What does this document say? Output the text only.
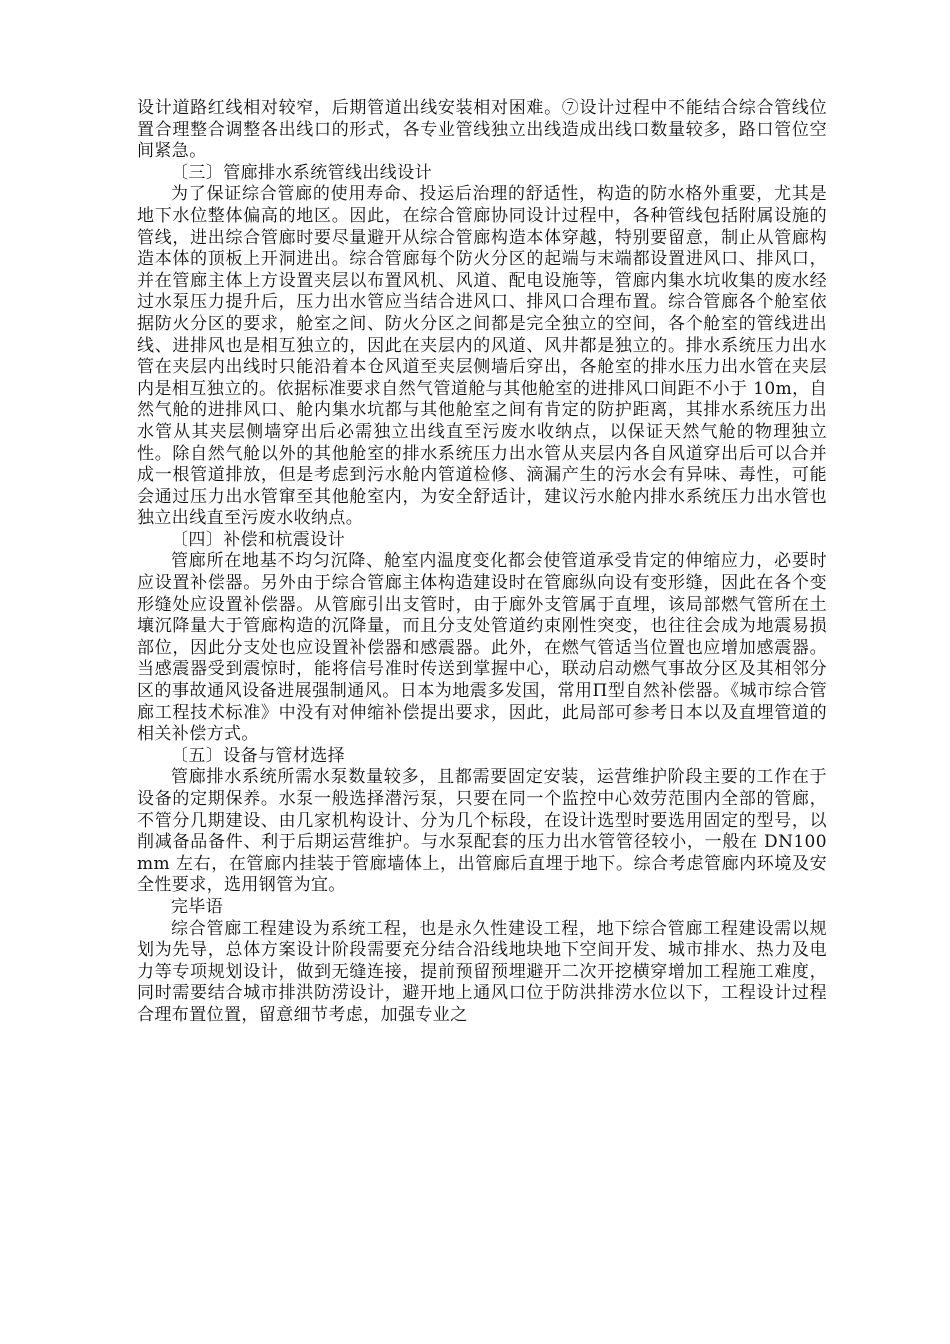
设计道路红线相对较窄，后期管道出线安装相对困难。⑦设计过程中不能结合综合管线位置合理整合调整各出线口的形式，各专业管线独立出线造成出线口数量较多，路口管位空间紧急。

〔三〕管廊排水系统管线出线设计

为了保证综合管廊的使用寿命、投运后治理的舒适性，构造的防水格外重要，尤其是地下水位整体偏高的地区。因此，在综合管廊协同设计过程中，各种管线包括附属设施的管线，进出综合管廊时要尽量避开从综合管廊构造本体穿越，特别要留意，制止从管廊构造本体的顶板上开洞进出。综合管廊每个防火分区的起端与末端都设置进风口、排风口，并在管廊主体上方设置夹层以布置风机、风道、配电设施等，管廊内集水坑收集的废水经过水泵压力提升后，压力出水管应当结合进风口、排风口合理布置。综合管廊各个舱室依据防火分区的要求，舱室之间、防火分区之间都是完全独立的空间，各个舱室的管线进出线、进排风也是相互独立的，因此在夹层内的风道、风井都是独立的。排水系统压力出水管在夹层内出线时只能沿着本仓风道至夹层侧墙后穿出，各舱室的排水压力出水管在夹层内是相互独立的。依据标准要求自然气管道舱与其他舱室的进排风口间距不小于 10m，自然气舱的进排风口、舱内集水坑都与其他舱室之间有肯定的防护距离，其排水系统压力出水管从其夹层侧墙穿出后必需独立出线直至污废水收纳点，以保证天然气舱的物理独立性。除自然气舱以外的其他舱室的排水系统压力出水管从夹层内各自风道穿出后可以合并成一根管道排放，但是考虑到污水舱内管道检修、滴漏产生的污水会有异味、毒性，可能会通过压力出水管窜至其他舱室内，为安全舒适计，建议污水舱内排水系统压力出水管也独立出线直至污废水收纳点。

〔四〕补偿和杭震设计

管廊所在地基不均匀沉降、舱室内温度变化都会使管道承受肯定的伸缩应力，必要时应设置补偿器。另外由于综合管廊主体构造建设时在管廊纵向设有变形缝，因此在各个变形缝处应设置补偿器。从管廊引出支管时，由于廊外支管属于直埋，该局部燃气管所在土壤沉降量大于管廊构造的沉降量，而且分支处管道约束刚性突变，也往往会成为地震易损部位，因此分支处也应设置补偿器和感震器。此外，在燃气管适当位置也应增加感震器。当感震器受到震惊时，能将信号准时传送到掌握中心，联动启动燃气事故分区及其相邻分区的事故通风设备进展强制通风。日本为地震多发国，常用Π型自然补偿器。《城市综合管廊工程技术标准》中没有对伸缩补偿提出要求，因此，此局部可参考日本以及直埋管道的相关补偿方式。

〔五〕设备与管材选择

管廊排水系统所需水泵数量较多，且都需要固定安装，运营维护阶段主要的工作在于设备的定期保养。水泵一般选择潜污泵，只要在同一个监控中心效劳范围内全部的管廊，不管分几期建设、由几家机构设计、分为几个标段，在设计选型时要选用固定的型号，以削减备品备件、利于后期运营维护。与水泵配套的压力出水管管径较小，一般在 DN100mm 左右，在管廊内挂装于管廊墙体上，出管廊后直埋于地下。综合考虑管廊内环境及安全性要求，选用钢管为宜。

完毕语

综合管廊工程建设为系统工程，也是永久性建设工程，地下综合管廊工程建设需以规划为先导，总体方案设计阶段需要充分结合沿线地块地下空间开发、城市排水、热力及电力等专项规划设计，做到无缝连接，提前预留预埋避开二次开挖横穿增加工程施工难度，同时需要结合城市排洪防涝设计，避开地上通风口位于防洪排涝水位以下，工程设计过程合理布置位置，留意细节考虑，加强专业之
